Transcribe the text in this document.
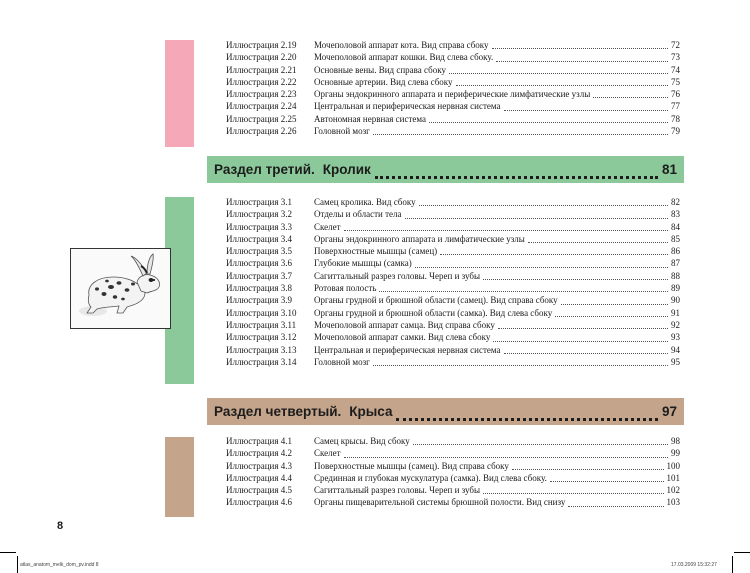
Иллюстрация 2.19	Мочеполовой аппарат кота. Вид справа сбоку	72
Иллюстрация 2.20	Мочеполовой аппарат кошки. Вид слева сбоку.	73
Иллюстрация 2.21	Основные вены. Вид справа сбоку	74
Иллюстрация 2.22	Основные артерии. Вид слева сбоку	75
Иллюстрация 2.23	Органы эндокринного аппарата и периферические лимфатические узлы	76
Иллюстрация 2.24	Центральная и периферическая нервная система	77
Иллюстрация 2.25	Автономная нервная система	78
Иллюстрация 2.26	Головной мозг	79
Раздел третий. Кролик	81
Иллюстрация 3.1	Самец кролика. Вид сбоку	82
Иллюстрация 3.2	Отделы и области тела	83
Иллюстрация 3.3	Скелет	84
Иллюстрация 3.4	Органы эндокринного аппарата и лимфатические узлы	85
Иллюстрация 3.5	Поверхностные мышцы (самец)	86
Иллюстрация 3.6	Глубокие мышцы (самка)	87
Иллюстрация 3.7	Сагиттальный разрез головы. Череп и зубы	88
Иллюстрация 3.8	Ротовая полость	89
Иллюстрация 3.9	Органы грудной и брюшной области (самец). Вид справа сбоку	90
Иллюстрация 3.10	Органы грудной и брюшной области (самка). Вид слева сбоку	91
Иллюстрация 3.11	Мочеполовой аппарат самца. Вид справа сбоку	92
Иллюстрация 3.12	Мочеполовой аппарат самки. Вид слева сбоку	93
Иллюстрация 3.13	Центральная и периферическая нервная система	94
Иллюстрация 3.14	Головной мозг	95
Раздел четвертый. Крыса	97
Иллюстрация 4.1	Самец крысы. Вид сбоку	98
Иллюстрация 4.2	Скелет	99
Иллюстрация 4.3	Поверхностные мышцы (самец). Вид справа сбоку	100
Иллюстрация 4.4	Срединная и глубокая мускулатура (самка). Вид слева сбоку.	101
Иллюстрация 4.5	Сагиттальный разрез головы. Череп и зубы	102
Иллюстрация 4.6	Органы пищеварительной системы брюшной полости. Вид снизу	103
8
atlas_anatom_melk_dom_pv.indd 8	17.03.2009 15:32:27
